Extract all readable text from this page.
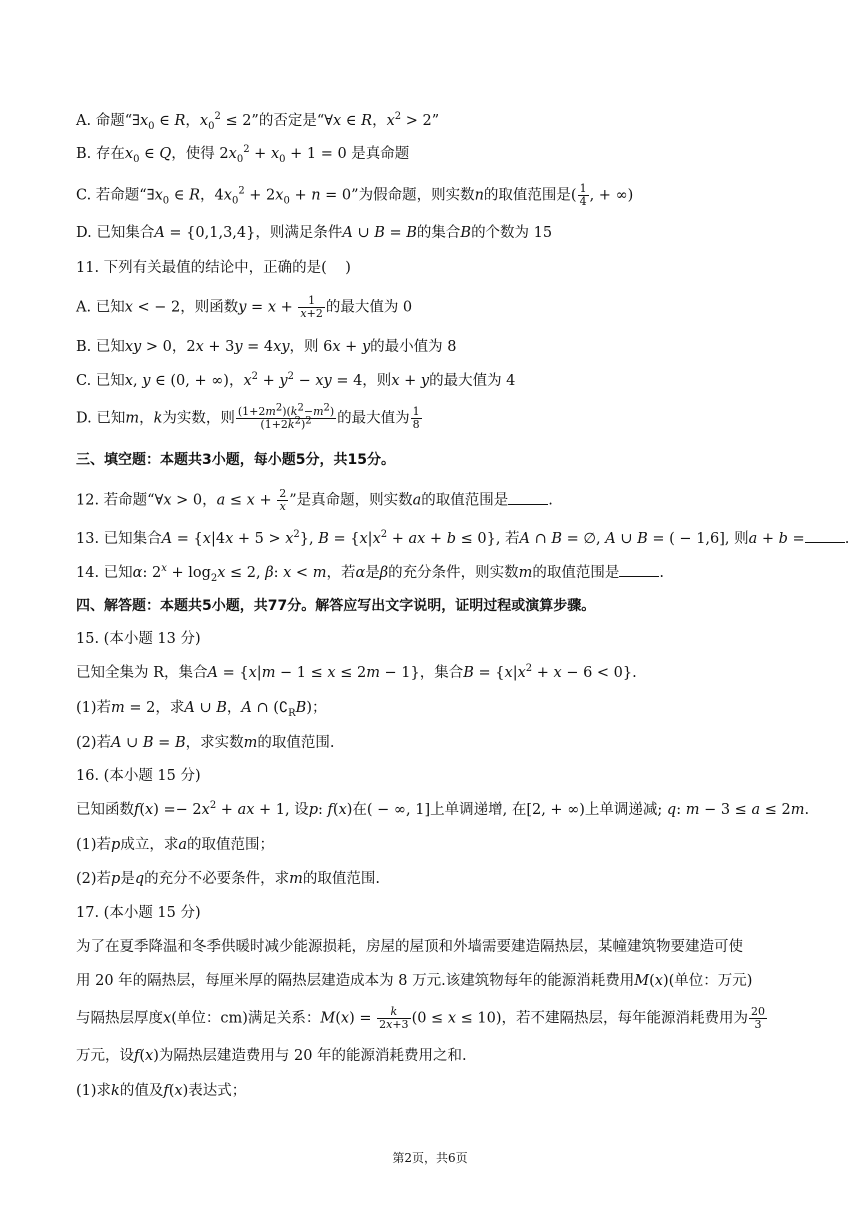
A. 命题“$\exists x_0$ ∈ R，$x_0^2 \le 2$”的否定是“∀x ∈ R，$x^2 > 2$”
B. 存在$x_0$ ∈ Q，使得 $2x_0^2 + x_0 + 1 = 0$ 是真命题
C. 若命题“$\exists x_0$ ∈ R，$4x_0^2 + 2x_0 + n = 0$”为假命题，则实数n的取值范围是( $\frac{1}{4}$ , + ∞)
D. 已知集合A = {0,1,3,4}，则满足条件A ∪ B = B的集合B的个数为 15
11. 下列有关最值的结论中，正确的是(    )
A. 已知x < − 2，则函数$y = x + \frac{1}{x+2}$ 的最大值为 0
B. 已知xy > 0，2x + 3y = 4xy，则 6x + y的最小值为 8
C. 已知x, y ∈ (0, + ∞)，$x^2 + y^2$ − xy = 4，则x + y的最大值为 4
D. 已知m，k为实数，则 $\frac{(1+2m^2)(k^2-m^2)}{(1+2k^2)^2}$ 的最大值为 $\frac{1}{8}$
三、填空题：本题共3小题，每小题5分，共15分。
12. 若命题“∀x > 0，$a \le x + \frac{2}{x}$ ”是真命题，则实数a的取值范围是	.
13. 已知集合$A = \{x|4x + 5 > x^2\}$, $B = \{x|x^2$ + ax + b ≤ 0}, 若A ∩ B = ∅, A ∪ B = ( − 1,6], 则a + b =	.
14. 已知α: $2^x + \log_2x \le 2$, β: x < m，若α是β的充分条件，则实数m的取值范围是	.
四、解答题：本题共5小题，共77分。解答应写出文字说明，证明过程或演算步骤。
15. (本小题 13 分)
已知全集为 R，集合A = {x|m − 1 ≤ x ≤ 2m − 1}，集合$B = \{x|x^2 + x - 6 < 0\}$.
(1)若m = 2，求A ∪ B，A ∩ $(∁_RB)$；
(2)若A ∪ B = B，求实数m的取值范围.
16. (本小题 15 分)
已知函数$f(x) =- 2x^2$ + ax + 1, 设p: f(x)在( − ∞, 1]上单调递增, 在[2, + ∞)上单调递减; q: m − 3 ≤ a ≤ 2m.
(1)若p成立，求a的取值范围；
(2)若p是q的充分不必要条件，求m的取值范围.
17. (本小题 15 分)
为了在夏季降温和冬季供暖时减少能源损耗，房屋的屋顶和外墙需要建造隔热层，某幢建筑物要建造可使
用 20 年的隔热层，每厘米厚的隔热层建造成本为 8 万元.该建筑物每年的能源消耗费用M(x)(单位：万元)
与隔热层厚度x(单位：cm)满足关系：$M(x) = \frac{k}{2x+3} (0 \le x \le 10)$，若不建隔热层，每年能源消耗费用为 $\frac{20}{3}$
万元，设f(x)为隔热层建造费用与 20 年的能源消耗费用之和.
(1)求k的值及f(x)表达式；
第2页，共6页
